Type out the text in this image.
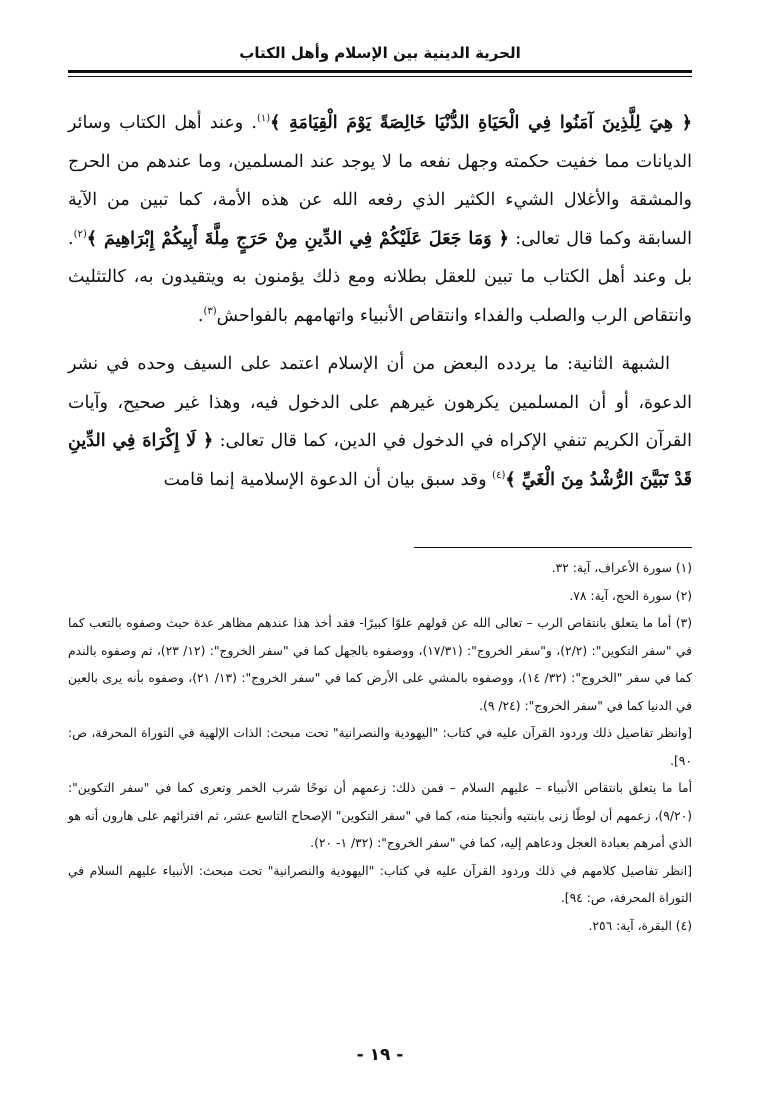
الحرية الدينية بين الإسلام وأهل الكتاب

﴿ هِيَ لِلَّذِينَ آمَنُوا فِي الْحَيَاةِ الدُّنْيَا خَالِصَةً يَوْمَ الْقِيَامَةِ ﴾$^{(١)}$. وعند أهل الكتاب وسائر الديانات مما خفيت حكمته وجهل نفعه ما لا يوجد عند المسلمين، وما عندهم من الحرج والمشقة والأغلال الشيء الكثير الذي رفعه الله عن هذه الأمة، كما تبين من الآية السابقة وكما قال تعالى: ﴿ وَمَا جَعَلَ عَلَيْكُمْ فِي الدِّينِ مِنْ حَرَجٍ مِلَّةَ أَبِيكُمْ إِبْرَاهِيمَ ﴾$^{(٢)}$. بل وعند أهل الكتاب ما تبين للعقل بطلانه ومع ذلك يؤمنون به ويتقيدون به، كالتثليث وانتقاص الرب والصلب والفداء وانتقاص الأنبياء واتهامهم بالفواحش$^{(٣)}$.

الشبهة الثانية: ما يردده البعض من أن الإسلام اعتمد على السيف وحده في نشر الدعوة، أو أن المسلمين يكرهون غيرهم على الدخول فيه، وهذا غير صحيح، وآيات القرآن الكريم تنفي الإكراه في الدخول في الدين، كما قال تعالى: ﴿ لَا إِكْرَاهَ فِي الدِّينِ قَدْ تَبَيَّنَ الرُّشْدُ مِنَ الْغَيِّ ﴾$^{(٤)}$ وقد سبق بيان أن الدعوة الإسلامية إنما قامت

(١) سورة الأعراف، آية: ٣٢.

(٢) سورة الحج، آية: ٧٨.

(٣) أما ما يتعلق بانتقاص الرب – تعالى الله عن قولهم علوًا كبيرًا- فقد أخذ هذا عندهم مظاهر عدة حيث وصفوه بالتعب كما في "سفر التكوين": (٢/٢)، و"سفر الخروج": (١٧/٣١)، ووصفوه بالجهل كما في "سفر الخروج": (١٢/ ٢٣)، ثم وصفوه بالندم كما في سفر "الخروج": (٣٢/ ١٤)، ووصفوه بالمشي على الأرض كما في "سفر الخروج": (١٣/ ٢١)، وصفوه بأنه يرى بالعين في الدنيا كما في "سفر الخروج": (٢٤/ ٩).

[وانظر تفاصيل ذلك وردود القرآن عليه في كتاب: "اليهودية والنصرانية" تحت مبحث: الذات الإلهية في التوراة المحرفة، ص: ٩٠].

أما ما يتعلق بانتقاص الأنبياء – عليهم السلام – فمن ذلك: زعمهم أن نوحًا شرب الخمر وتعرى كما في "سفر التكوين": (٩/٢٠)، زعمهم أن لوطًا زنى بابنتيه وأنجبتا منه، كما في "سفر التكوين" الإصحاح التاسع عشر، ثم افترائهم على هارون أنه هو الذي أمرهم بعبادة العجل ودعاهم إليه، كما في "سفر الخروج": (٣٢/ ١- ٢٠).

[انظر تفاصيل كلامهم في ذلك وردود القرآن عليه في كتاب: "اليهودية والنصرانية" تحت مبحث: الأنبياء عليهم السلام في التوراة المحرفة، ص: ٩٤].

(٤) البقرة، آية: ٢٥٦.

- ١٩ -
